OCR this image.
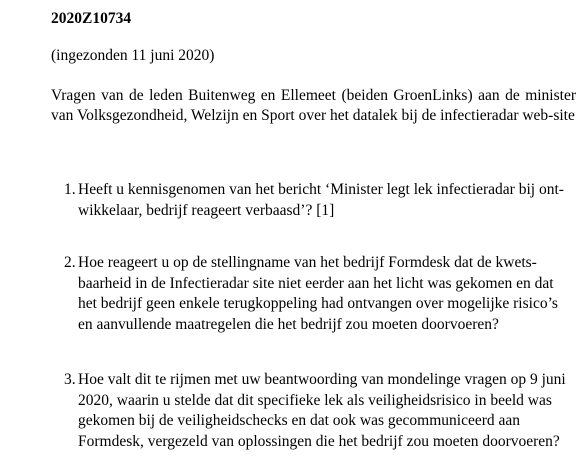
2020Z10734

(ingezonden 11 juni 2020)

Vragen van de leden Buitenweg en Ellemeet (beiden GroenLinks) aan de minister van Volksgezondheid, Welzijn en Sport over het datalek bij de infectieradar web-site

1. Heeft u kennisgenomen van het bericht ‘Minister legt lek infectieradar bij ont-wikkelaar, bedrijf reageert verbaasd’? [1]
2. Hoe reageert u op de stellingname van het bedrijf Formdesk dat de kwets-baarheid in de Infectieradar site niet eerder aan het licht was gekomen en dat het bedrijf geen enkele terugkoppeling had ontvangen over mogelijke risico’s en aanvullende maatregelen die het bedrijf zou moeten doorvoeren?
3. Hoe valt dit te rijmen met uw beantwoording van mondelinge vragen op 9 juni 2020, waarin u stelde dat dit specifieke lek als veiligheidsrisico in beeld was gekomen bij de veiligheidschecks en dat ook was gecommuniceerd aan Formdesk, vergezeld van oplossingen die het bedrijf zou moeten doorvoeren?
